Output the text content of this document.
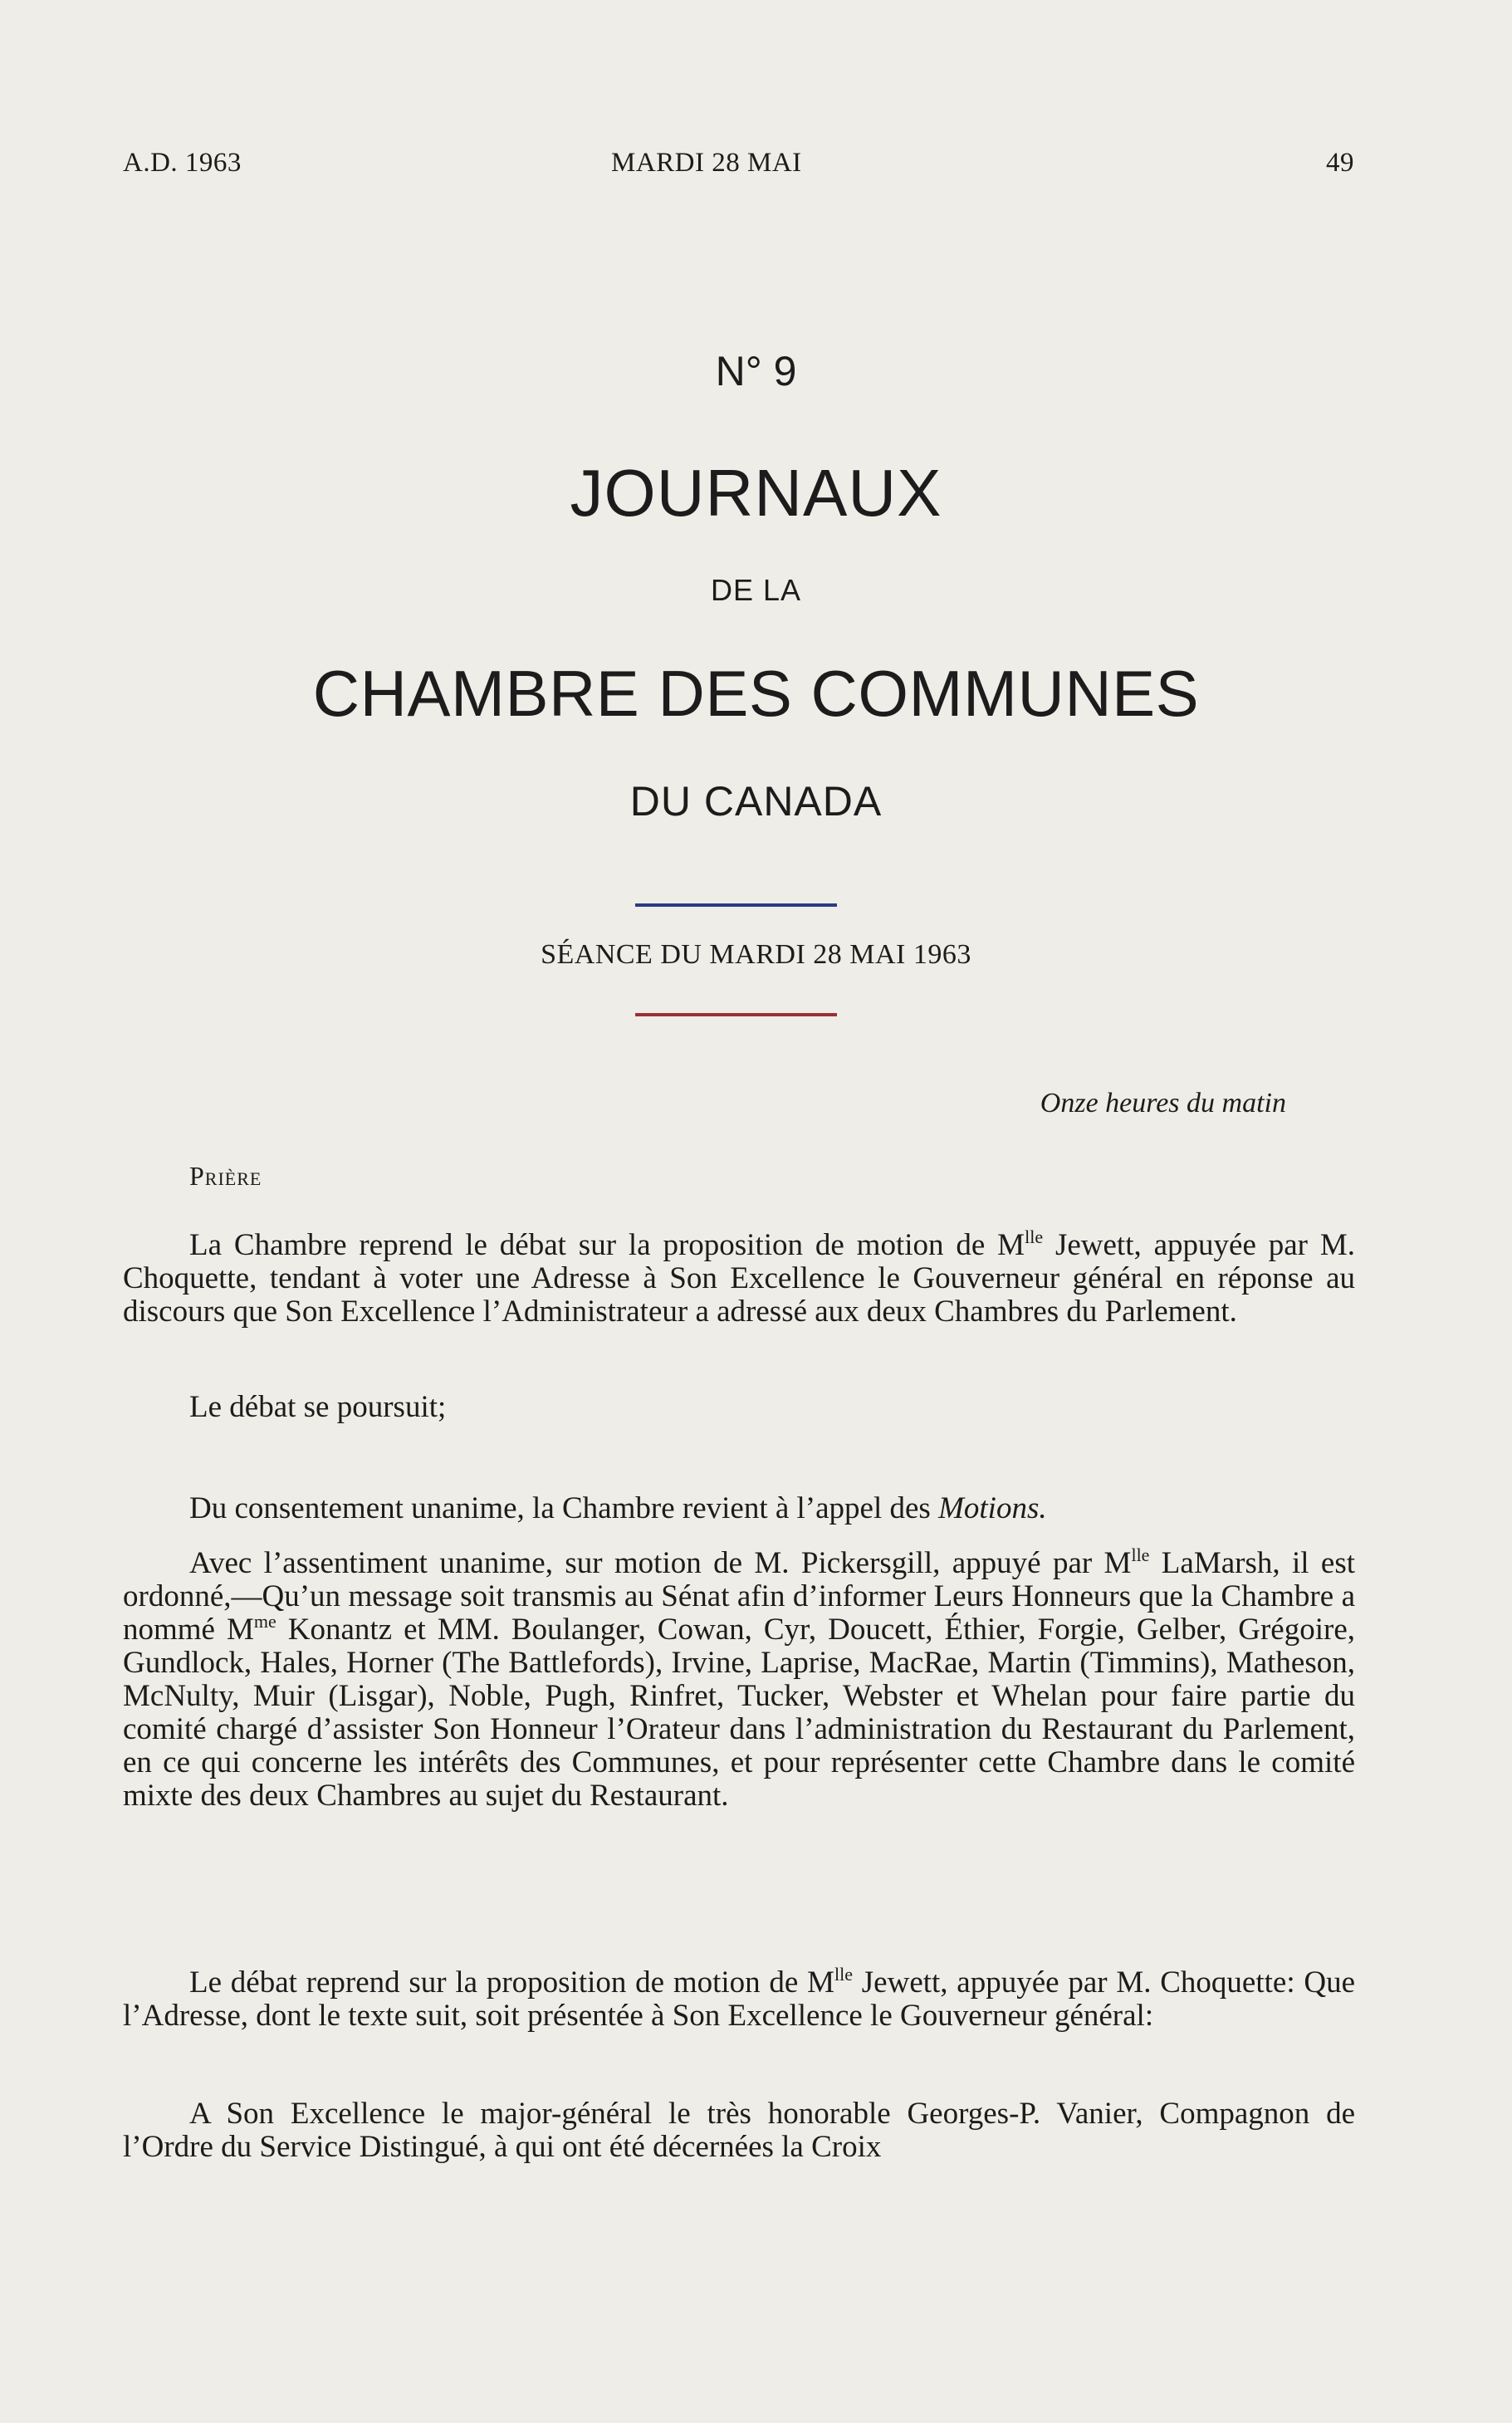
A.D. 1963	MARDI 28 MAI	49
N° 9
JOURNAUX
DE LA
CHAMBRE DES COMMUNES
DU CANADA
SÉANCE DU MARDI 28 MAI 1963
Onze heures du matin
Prière

La Chambre reprend le débat sur la proposition de motion de $M^{lle}$ Jewett, appuyée par M. Choquette, tendant à voter une Adresse à Son Excellence le Gouverneur général en réponse au discours que Son Excellence l’Administrateur a adressé aux deux Chambres du Parlement.

Le débat se poursuit;

Du consentement unanime, la Chambre revient à l’appel des Motions.

Avec l’assentiment unanime, sur motion de M. Pickersgill, appuyé par $M^{lle}$ LaMarsh, il est ordonné,—Qu’un message soit transmis au Sénat afin d’informer Leurs Honneurs que la Chambre a nommé $M^{me}$ Konantz et MM. Boulanger, Cowan, Cyr, Doucett, Éthier, Forgie, Gelber, Grégoire, Gundlock, Hales, Horner (The Battlefords), Irvine, Laprise, MacRae, Martin (Timmins), Matheson, McNulty, Muir (Lisgar), Noble, Pugh, Rinfret, Tucker, Webster et Whelan pour faire partie du comité chargé d’assister Son Honneur l’Orateur dans l’administration du Restaurant du Parlement, en ce qui concerne les intérêts des Communes, et pour représenter cette Chambre dans le comité mixte des deux Chambres au sujet du Restaurant.

Le débat reprend sur la proposition de motion de $M^{lle}$ Jewett, appuyée par M. Choquette: Que l’Adresse, dont le texte suit, soit présentée à Son Excellence le Gouverneur général:

A Son Excellence le major-général le très honorable Georges-P. Vanier, Compagnon de l’Ordre du Service Distingué, à qui ont été décernées la Croix
